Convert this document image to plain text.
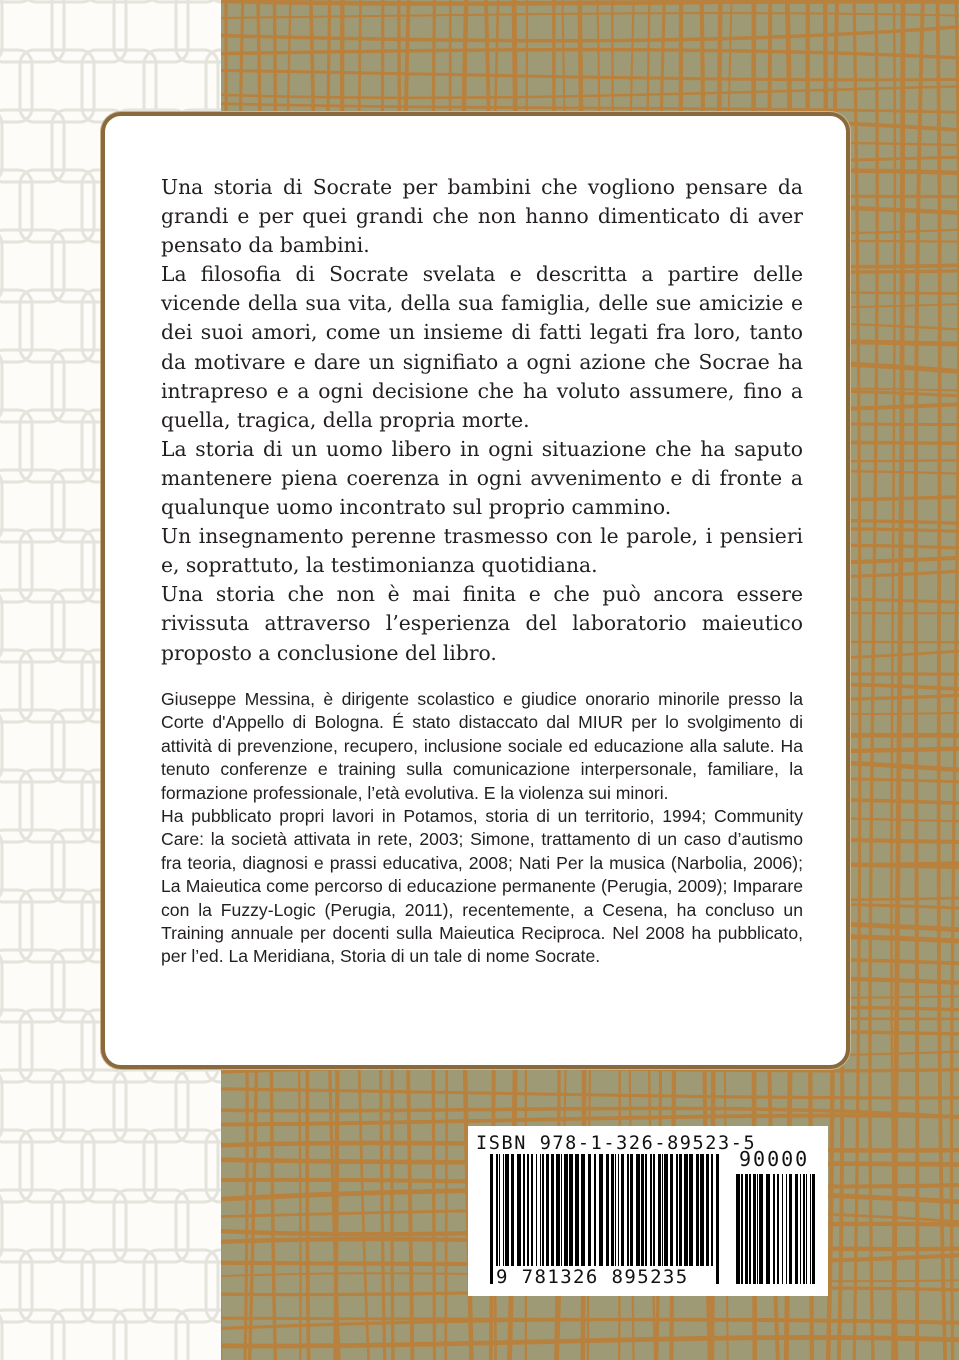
Una storia di Socrate per bambini che vogliono pensare da grandi e per quei grandi che non hanno dimenticato di aver pensato da bambini.

La filosofia di Socrate svelata e descritta a partire delle vicende della sua vita, della sua famiglia, delle sue amicizie e dei suoi amori, come un insieme di fatti legati fra loro, tanto da motivare e dare un signifiato a ogni azione che Socrae ha intrapreso e a ogni decisione che ha voluto assumere, fino a quella, tragica, della propria morte.

La storia di un uomo libero in ogni situazione che ha saputo mantenere piena coerenza in ogni avvenimento e di fronte a qualunque uomo incontrato sul proprio cammino.

Un insegnamento perenne trasmesso con le parole, i pensieri e, soprattuto, la testimonianza quotidiana.

Una storia che non è mai finita e che può ancora essere rivissuta attraverso l’esperienza del laboratorio maieutico proposto a conclusione del libro.

Giuseppe Messina, è dirigente scolastico e giudice onorario minorile presso la Corte d'Appello di Bologna. É stato distaccato dal MIUR per lo svolgimento di attività di prevenzione, recupero, inclusione sociale ed educazione alla salute. Ha tenuto conferenze e training sulla comunicazione interpersonale, familiare, la formazione professionale, l’età evolutiva. E la violenza sui minori.

Ha pubblicato propri lavori in Potamos, storia di un territorio, 1994; Community Care: la società attivata in rete, 2003; Simone, trattamento di un caso d’autismo fra teoria, diagnosi e prassi educativa, 2008; Nati Per la musica (Narbolia, 2006); La Maieutica come percorso di educazione permanente (Perugia, 2009); Imparare con la Fuzzy-Logic (Perugia, 2011), recentemente, a Cesena, ha concluso un Training annuale per docenti sulla Maieutica Reciproca. Nel 2008 ha pubblicato, per l’ed. La Meridiana, Storia di un tale di nome Socrate.

ISBN 978-1-326-89523-5
90000
9 781326 895235
